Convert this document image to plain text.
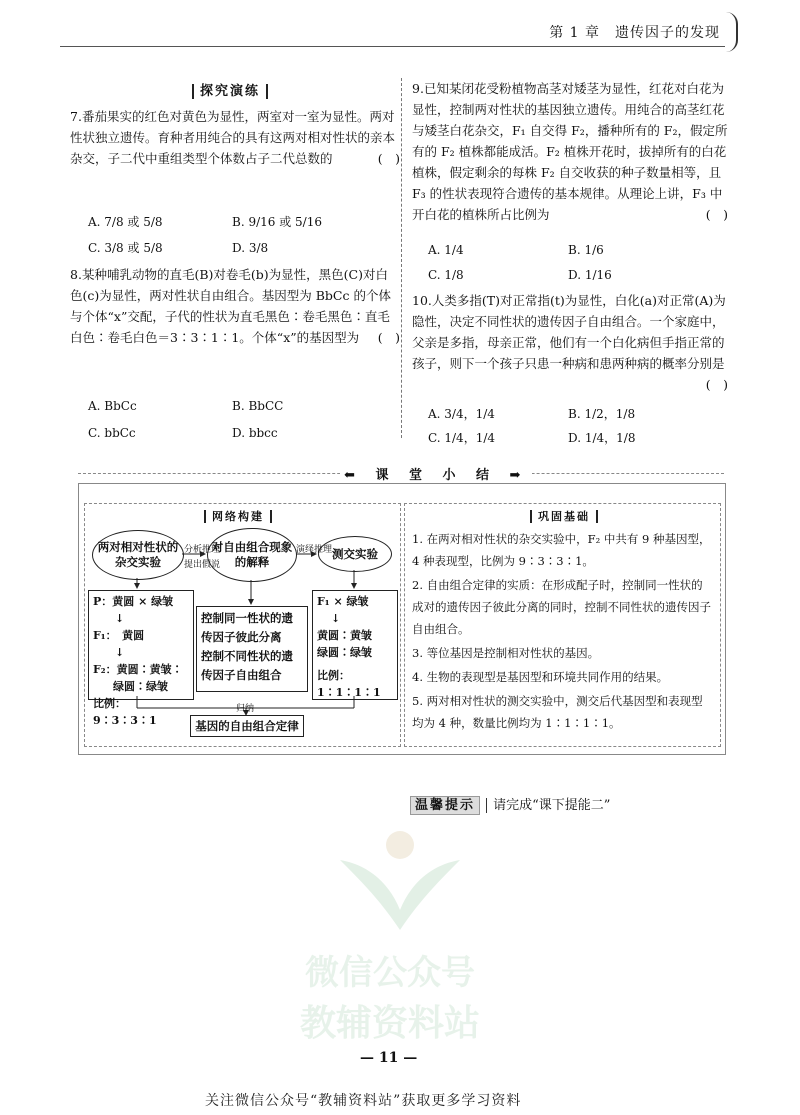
第 1 章　遗传因子的发现
探究演练
7.番茄果实的红色对黄色为显性，两室对一室为显性。两对性状独立遗传。育种者用纯合的具有这两对相对性状的亲本杂交，子二代中重组类型个体数占子二代总数的	(　)
A. 7/8 或 5/8	B. 9/16 或 5/16
C. 3/8 或 5/8	D. 3/8
8.某种哺乳动物的直毛(B)对卷毛(b)为显性，黑色(C)对白色(c)为显性，两对性状自由组合。基因型为 BbCc 的个体与个体“x”交配，子代的性状为直毛黑色∶卷毛黑色∶直毛白色∶卷毛白色＝3∶3∶1∶1。个体“x”的基因型为 (　)
A. BbCc	B. BbCC
C. bbCc	D. bbcc
9.已知某闭花受粉植物高茎对矮茎为显性，红花对白花为显性，控制两对性状的基因独立遗传。用纯合的高茎红花与矮茎白花杂交，F₁ 自交得 F₂，播种所有的 F₂，假定所有的 F₂ 植株都能成活。F₂ 植株开花时，拔掉所有的白花植株，假定剩余的每株 F₂ 自交收获的种子数量相等，且 F₃ 的性状表现符合遗传的基本规律。从理论上讲，F₃ 中开白花的植株所占比例为	(　)
A. 1/4	B. 1/6
C. 1/8	D. 1/16
10.人类多指(T)对正常指(t)为显性，白化(a)对正常(A)为隐性，决定不同性状的遗传因子自由组合。一个家庭中，父亲是多指，母亲正常，他们有一个白化病但手指正常的孩子，则下一个孩子只患一种病和患两种病的概率分别是
(　)
A. 3/4，1/4	B. 1/2，1/8
C. 1/4，1/4	D. 1/4，1/8
⬅ 课 堂 小 结 ➡
网络构建
两对相对性状的杂交实验
对自由组合现象的解释
测交实验
分析推理
提出假说
演绎推理
P：黄圆 × 绿皱
↓
F₁：　黄圆
↓
F₂：黄圆∶黄皱∶
绿圆∶绿皱
比例：9∶3∶3∶1
控制同一性状的遗
传因子彼此分离
控制不同性状的遗
传因子自由组合
F₁ × 绿皱
↓
黄圆∶黄皱
绿圆∶绿皱
比例：1∶1∶1∶1
归纳
基因的自由组合定律
巩固基础
1. 在两对相对性状的杂交实验中，F₂ 中共有 9 种基因型，4 种表现型，比例为 9∶3∶3∶1。
2. 自由组合定律的实质：在形成配子时，控制同一性状的成对的遗传因子彼此分离的同时，控制不同性状的遗传因子自由组合。
3. 等位基因是控制相对性状的基因。
4. 生物的表现型是基因型和环境共同作用的结果。
5. 两对相对性状的测交实验中，测交后代基因型和表现型均为 4 种，数量比例均为 1∶1∶1∶1。
温馨提示 请完成“课下提能二”
微信公众号
教辅资料站
— 11 —
关注微信公众号“教辅资料站”获取更多学习资料
